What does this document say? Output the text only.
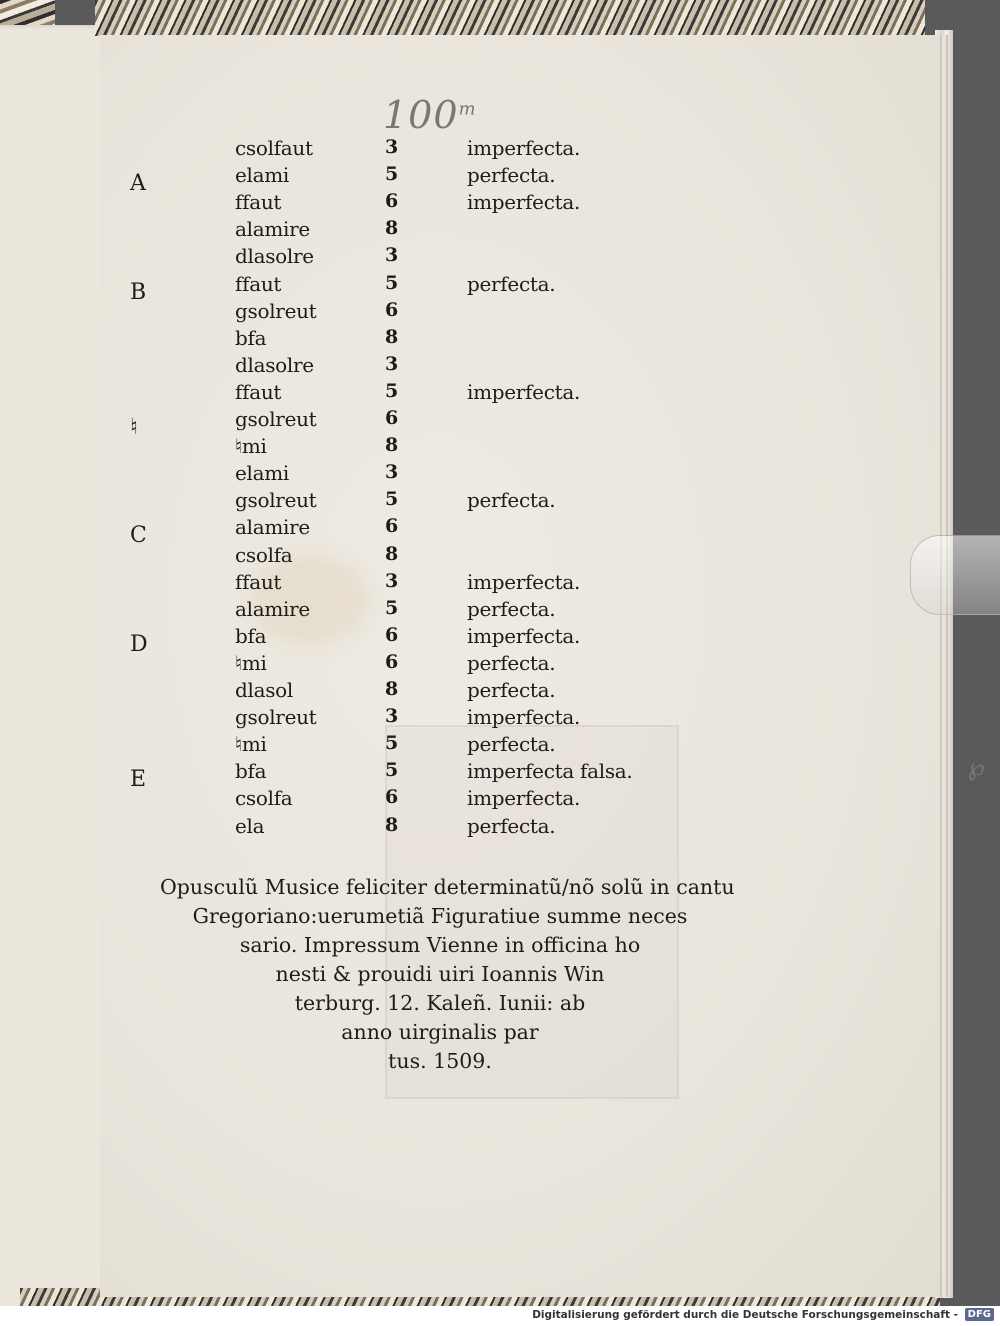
100$^m$
csolfaut	3	imperfecta.
A	elami	5	perfecta.
ffaut	6	imperfecta.
alamire	8
dlasolre	3
B	ffaut	5	perfecta.
gsolreut	6
bfa	8
dlasolre	3
ffaut	5	imperfecta.
♮	gsolreut	6
♮mi	8
elami	3
gsolreut	5	perfecta.
C	alamire	6
csolfa	8
ffaut	3	imperfecta.
alamire	5	perfecta.
D	bfa	6	imperfecta.
♮mi	6	perfecta.
dlasol	8	perfecta.
gsolreut	3	imperfecta.
♮mi	5	perfecta.
E	bfa	5	imperfecta falsa.
csolfa	6	imperfecta.
ela	8	perfecta.
Opusculũ Musice feliciter determinatũ/nõ solũ in cantu
Gregoriano:uerumetiã Figuratiue summe neces
sario. Impressum Vienne in officina ho
nesti & prouidi uiri Ioannis Win
terburg. 12. Kaleñ. Iunii: ab
anno uirginalis par
tus. 1509.
℘
Digitalisierung gefördert durch die Deutsche Forschungsgemeinschaft - DFG
